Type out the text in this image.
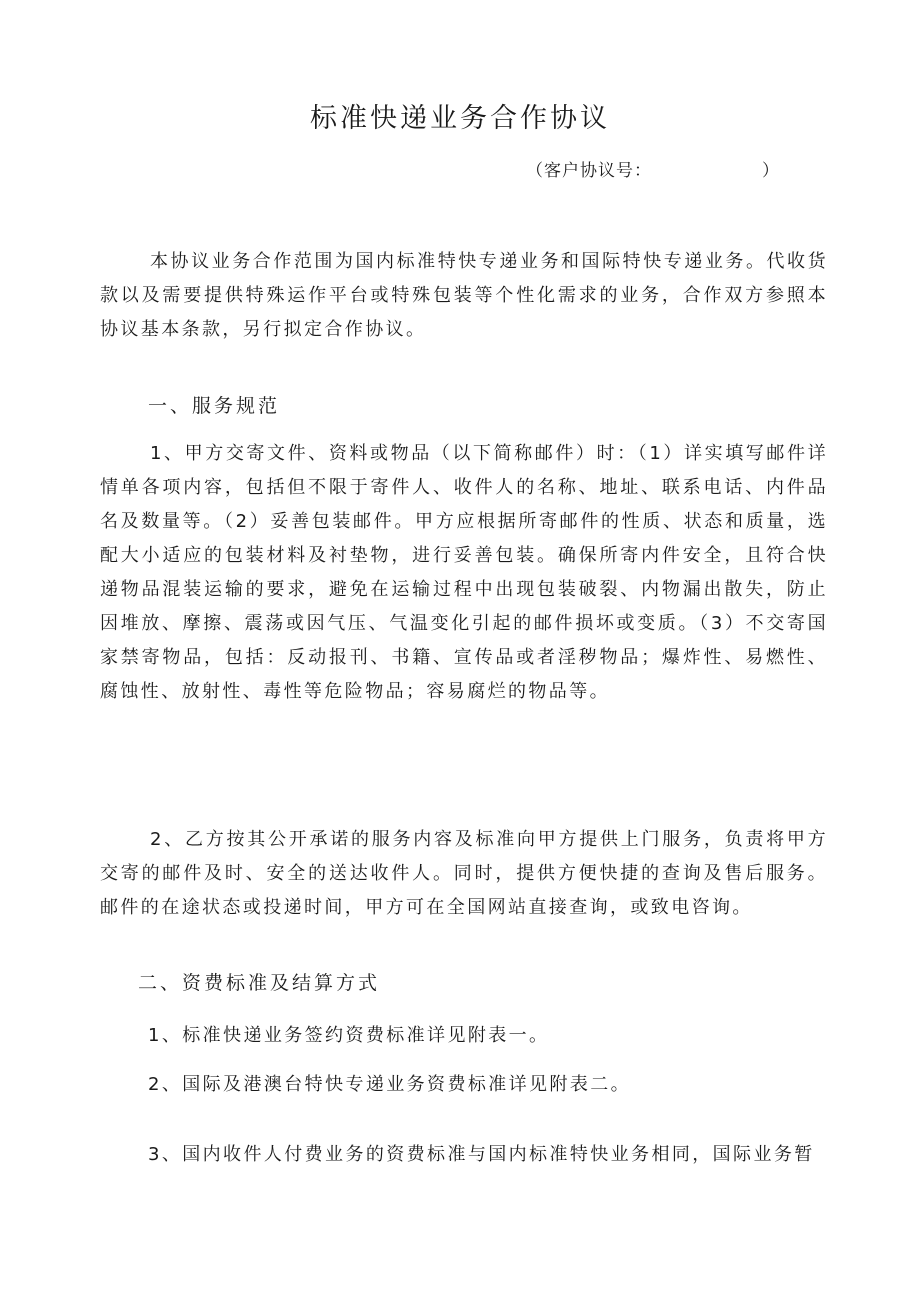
标准快递业务合作协议
（客户协议号：	）

本协议业务合作范围为国内标准特快专递业务和国际特快专递业务。代收货款以及需要提供特殊运作平台或特殊包装等个性化需求的业务，合作双方参照本协议基本条款，另行拟定合作协议。

一、服务规范

1、甲方交寄文件、资料或物品（以下简称邮件）时：（1）详实填写邮件详情单各项内容，包括但不限于寄件人、收件人的名称、地址、联系电话、内件品名及数量等。（2）妥善包装邮件。甲方应根据所寄邮件的性质、状态和质量，选配大小适应的包装材料及衬垫物，进行妥善包装。确保所寄内件安全，且符合快递物品混装运输的要求，避免在运输过程中出现包装破裂、内物漏出散失，防止因堆放、摩擦、震荡或因气压、气温变化引起的邮件损坏或变质。（3）不交寄国家禁寄物品，包括：反动报刊、书籍、宣传品或者淫秽物品；爆炸性、易燃性、腐蚀性、放射性、毒性等危险物品；容易腐烂的物品等。

2、乙方按其公开承诺的服务内容及标准向甲方提供上门服务，负责将甲方交寄的邮件及时、安全的送达收件人。同时，提供方便快捷的查询及售后服务。邮件的在途状态或投递时间，甲方可在全国网站直接查询，或致电咨询。

二、资费标准及结算方式

1、标准快递业务签约资费标准详见附表一。

2、国际及港澳台特快专递业务资费标准详见附表二。

3、国内收件人付费业务的资费标准与国内标准特快业务相同，国际业务暂
